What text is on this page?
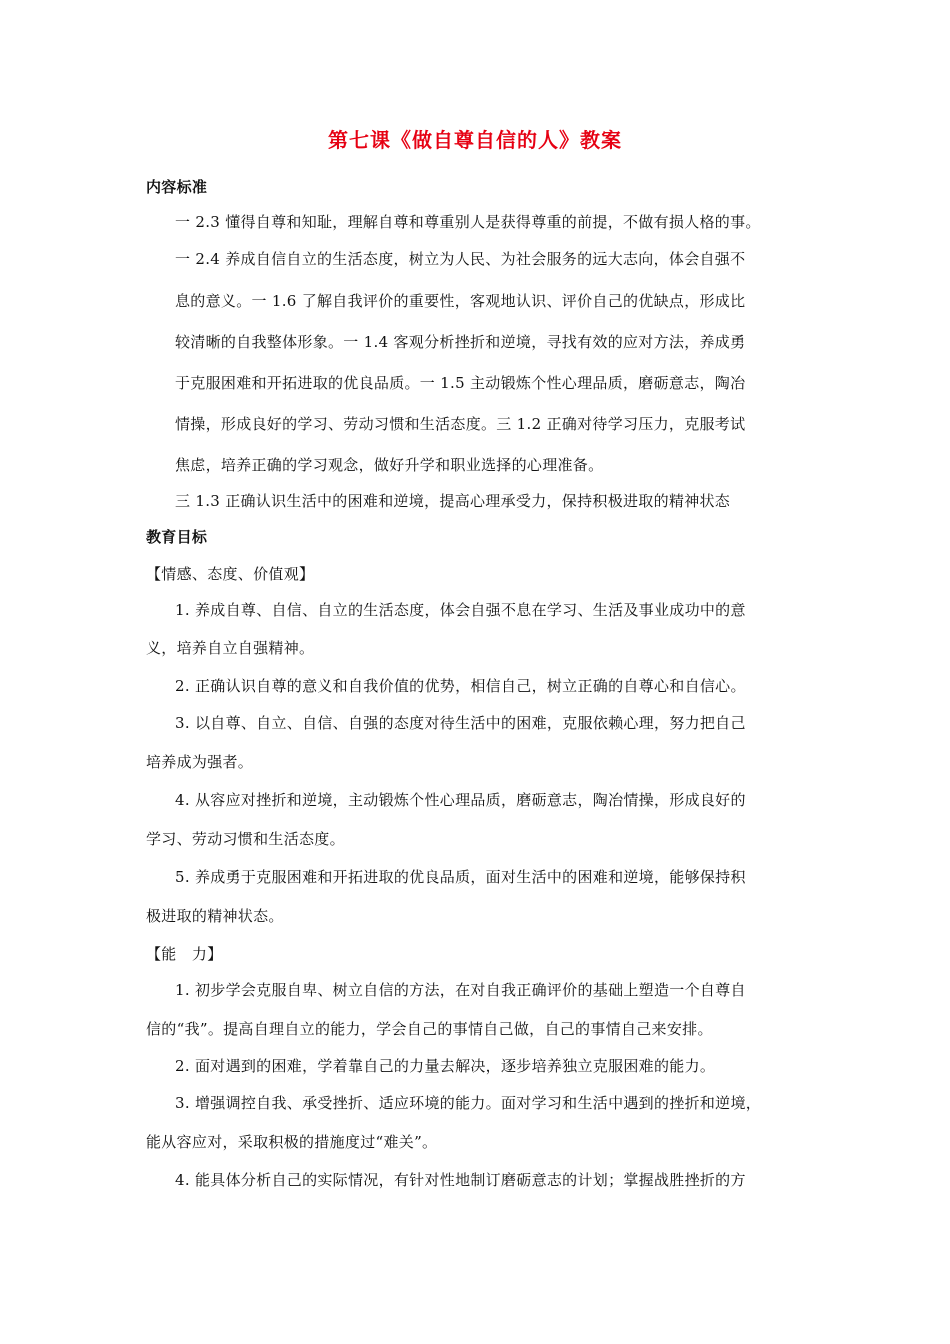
第七课《做自尊自信的人》教案
内容标准
一 2.3 懂得自尊和知耻，理解自尊和尊重别人是获得尊重的前提，不做有损人格的事。
一 2.4 养成自信自立的生活态度，树立为人民、为社会服务的远大志向，体会自强不
息的意义。一 1.6 了解自我评价的重要性，客观地认识、评价自己的优缺点，形成比
较清晰的自我整体形象。一 1.4 客观分析挫折和逆境，寻找有效的应对方法，养成勇
于克服困难和开拓进取的优良品质。一 1.5 主动锻炼个性心理品质，磨砺意志，陶冶
情操，形成良好的学习、劳动习惯和生活态度。三 1.2 正确对待学习压力，克服考试
焦虑，培养正确的学习观念，做好升学和职业选择的心理准备。
三 1.3 正确认识生活中的困难和逆境，提高心理承受力，保持积极进取的精神状态
教育目标
【情感、态度、价值观】
1. 养成自尊、自信、自立的生活态度，体会自强不息在学习、生活及事业成功中的意
义，培养自立自强精神。
2. 正确认识自尊的意义和自我价值的优势，相信自己，树立正确的自尊心和自信心。
3. 以自尊、自立、自信、自强的态度对待生活中的困难，克服依赖心理，努力把自己
培养成为强者。
4. 从容应对挫折和逆境，主动锻炼个性心理品质，磨砺意志，陶冶情操，形成良好的
学习、劳动习惯和生活态度。
5. 养成勇于克服困难和开拓进取的优良品质，面对生活中的困难和逆境，能够保持积
极进取的精神状态。
【能　力】
1. 初步学会克服自卑、树立自信的方法，在对自我正确评价的基础上塑造一个自尊自
信的“我”。提高自理自立的能力，学会自己的事情自己做，自己的事情自己来安排。
2. 面对遇到的困难，学着靠自己的力量去解决，逐步培养独立克服困难的能力。
3. 增强调控自我、承受挫折、适应环境的能力。面对学习和生活中遇到的挫折和逆境，
能从容应对，采取积极的措施度过“难关”。
4. 能具体分析自己的实际情况，有针对性地制订磨砺意志的计划；掌握战胜挫折的方
